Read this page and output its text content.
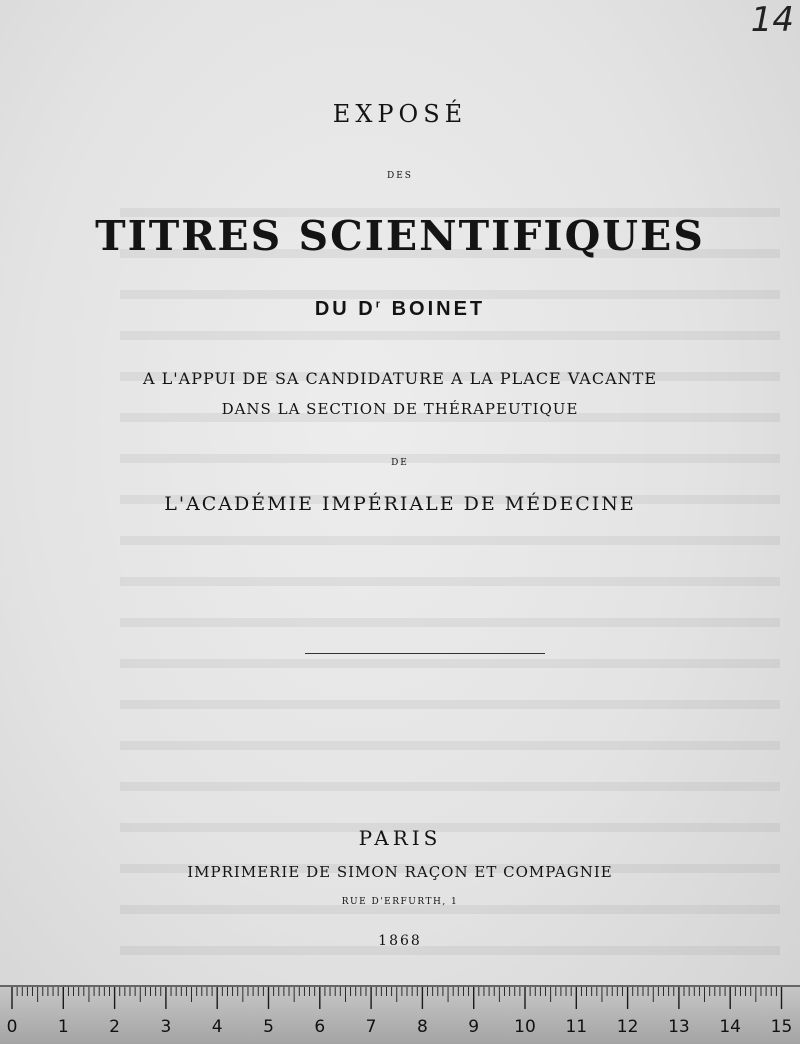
14
EXPOSÉ
DES
TITRES SCIENTIFIQUES
DU $D^r$ BOINET
A L'APPUI DE SA CANDIDATURE A LA PLACE VACANTE
DANS LA SECTION DE THÉRAPEUTIQUE
DE
L'ACADÉMIE IMPÉRIALE DE MÉDECINE
PARIS
IMPRIMERIE DE SIMON RAÇON ET COMPAGNIE
RUE D'ERFURTH, 1
1868
0 1 2 3 4 5 6 7 8 9 10 11 12 13 14 15
